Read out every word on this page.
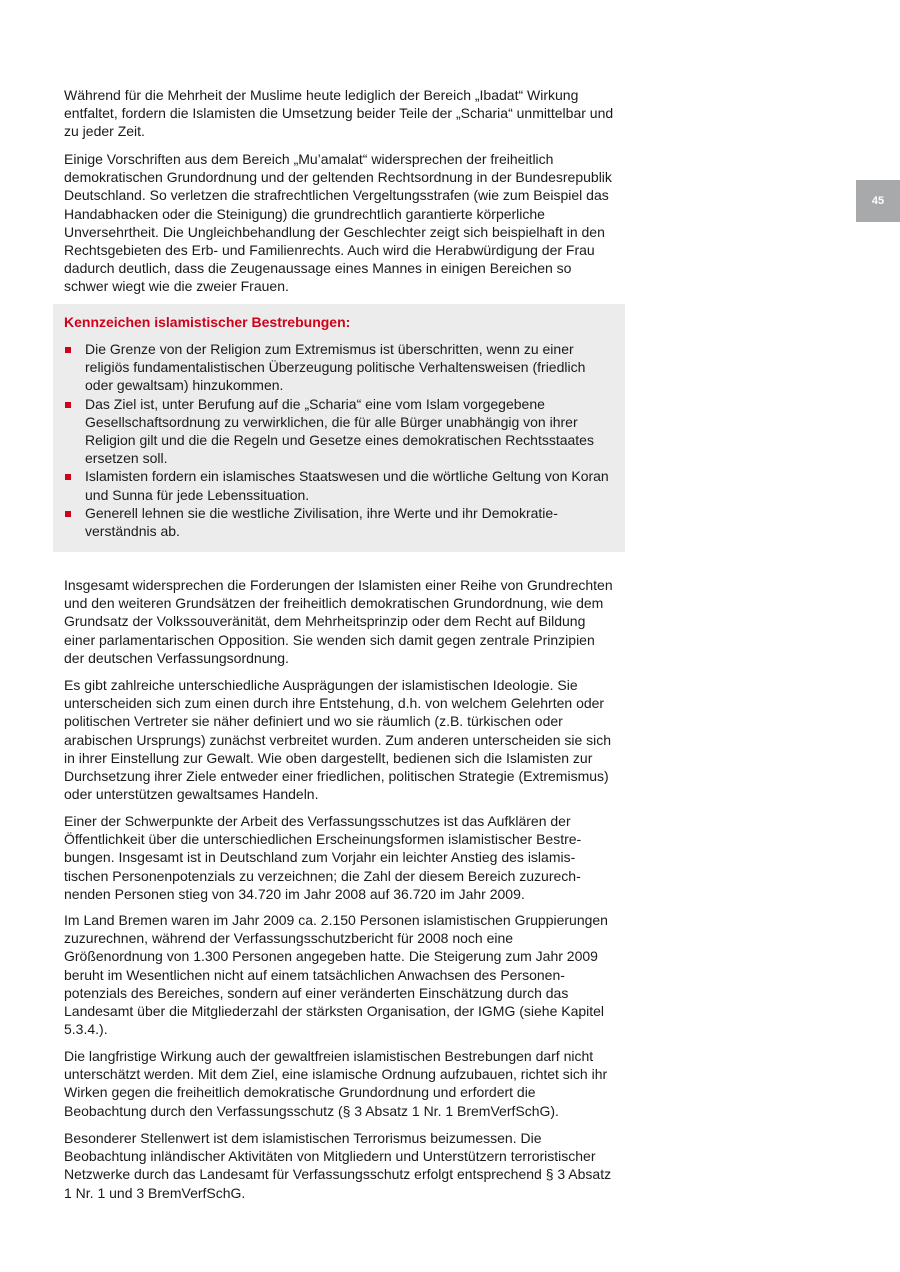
45

Während für die Mehrheit der Muslime heute lediglich der Bereich „Ibadat“ Wirkung entfaltet, fordern die Islamisten die Umsetzung beider Teile der „Scharia“ unmittelbar und zu jeder Zeit.

Einige Vorschriften aus dem Bereich „Mu’amalat“ widersprechen der freiheitlich demokratischen Grundordnung und der geltenden Rechtsordnung in der Bundesrepublik Deutschland. So verletzen die strafrechtlichen Vergeltungsstrafen (wie zum Beispiel das Handabhacken oder die Steinigung) die grundrechtlich garantierte körperliche Unversehrtheit. Die Ungleichbehandlung der Geschlechter zeigt sich beispielhaft in den Rechtsgebieten des Erb- und Familienrechts. Auch wird die Herabwürdigung der Frau dadurch deutlich, dass die Zeugenaussage eines Mannes in einigen Bereichen so schwer wiegt wie die zweier Frauen.

Kennzeichen islamistischer Bestrebungen:
Die Grenze von der Religion zum Extremismus ist überschritten, wenn zu einer religiös fundamentalistischen Überzeugung politische Verhaltensweisen (friedlich oder gewaltsam) hinzukommen.
Das Ziel ist, unter Berufung auf die „Scharia“ eine vom Islam vorgegebene Gesellschaftsordnung zu verwirklichen, die für alle Bürger unabhängig von ihrer Religion gilt und die die Regeln und Gesetze eines demokratischen Rechtsstaates ersetzen soll.
Islamisten fordern ein islamisches Staatswesen und die wörtliche Geltung von Koran und Sunna für jede Lebenssituation.
Generell lehnen sie die westliche Zivilisation, ihre Werte und ihr Demokratieverständnis ab.

Insgesamt widersprechen die Forderungen der Islamisten einer Reihe von Grundrechten und den weiteren Grundsätzen der freiheitlich demokratischen Grundordnung, wie dem Grundsatz der Volkssouveränität, dem Mehrheitsprinzip oder dem Recht auf Bildung einer parlamentarischen Opposition. Sie wenden sich damit gegen zentrale Prinzipien der deutschen Verfassungsordnung.

Es gibt zahlreiche unterschiedliche Ausprägungen der islamistischen Ideologie. Sie unterscheiden sich zum einen durch ihre Entstehung, d.h. von welchem Gelehrten oder politischen Vertreter sie näher definiert und wo sie räumlich (z.B. türkischen oder arabischen Ursprungs) zunächst verbreitet wurden. Zum anderen unterscheiden sie sich in ihrer Einstellung zur Gewalt. Wie oben dargestellt, bedienen sich die Islamisten zur Durchsetzung ihrer Ziele entweder einer friedlichen, politischen Strategie (Extremismus) oder unterstützen gewaltsames Handeln.

Einer der Schwerpunkte der Arbeit des Verfassungsschutzes ist das Aufklären der Öffentlichkeit über die unterschiedlichen Erscheinungsformen islamistischer Bestrebungen. Insgesamt ist in Deutschland zum Vorjahr ein leichter Anstieg des islamistischen Personenpotenzials zu verzeichnen; die Zahl der diesem Bereich zuzurechnenden Personen stieg von 34.720 im Jahr 2008 auf 36.720 im Jahr 2009.

Im Land Bremen waren im Jahr 2009 ca. 2.150 Personen islamistischen Gruppierungen zuzurechnen, während der Verfassungsschutzbericht für 2008 noch eine Größenordnung von 1.300 Personen angegeben hatte. Die Steigerung zum Jahr 2009 beruht im Wesentlichen nicht auf einem tatsächlichen Anwachsen des Personenpotenzials des Bereiches, sondern auf einer veränderten Einschätzung durch das Landesamt über die Mitgliederzahl der stärksten Organisation, der IGMG (siehe Kapitel 5.3.4.).

Die langfristige Wirkung auch der gewaltfreien islamistischen Bestrebungen darf nicht unterschätzt werden. Mit dem Ziel, eine islamische Ordnung aufzubauen, richtet sich ihr Wirken gegen die freiheitlich demokratische Grundordnung und erfordert die Beobachtung durch den Verfassungsschutz (§ 3 Absatz 1 Nr. 1 BremVerfSchG).

Besonderer Stellenwert ist dem islamistischen Terrorismus beizumessen. Die Beobachtung inländischer Aktivitäten von Mitgliedern und Unterstützern terroristischer Netzwerke durch das Landesamt für Verfassungsschutz erfolgt entsprechend § 3 Absatz 1 Nr. 1 und 3 BremVerfSchG.
